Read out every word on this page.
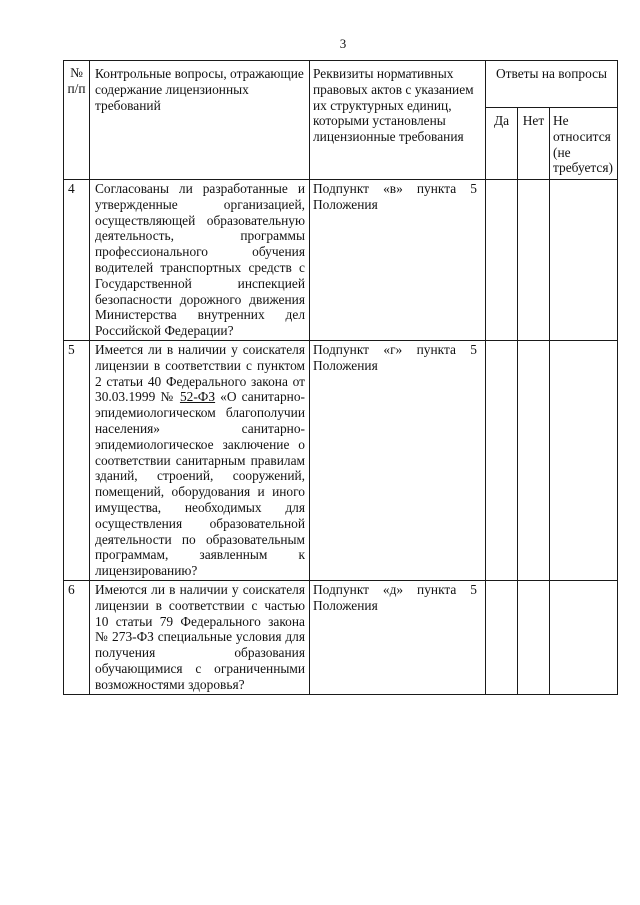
3
№ п/п	Контрольные вопросы, отражающие содержание лицензионных требований	Реквизиты нормативных правовых актов с указанием их структурных единиц, которыми установлены лицензионные требования	Ответы на вопросы		
			Да	Нет	Не относится (не требуется)
4	Согласованы ли разработанные и утвержденные организацией, осуществляющей образовательную деятельность, программы профессионального обучения водителей транспортных средств с Государственной инспекцией безопасности дорожного движения Министерства внутренних дел Российской Федерации?	Подпункт «в» пункта 5 Положения			
5	Имеется ли в наличии у соискателя лицензии в соответствии с пунктом 2 статьи 40 Федерального закона от 30.03.1999 № 52-ФЗ «О санитарно-эпидемиологическом благополучии населения» санитарно-эпидемиологическое заключение о соответствии санитарным правилам зданий, строений, сооружений, помещений, оборудования и иного имущества, необходимых для осуществления образовательной деятельности по образовательным программам, заявленным к лицензированию?	Подпункт «г» пункта 5 Положения			
6	Имеются ли в наличии у соискателя лицензии в соответствии с частью 10 статьи 79 Федерального закона № 273-ФЗ специальные условия для получения образования обучающимися с ограниченными возможностями здоровья?	Подпункт «д» пункта 5 Положения			
